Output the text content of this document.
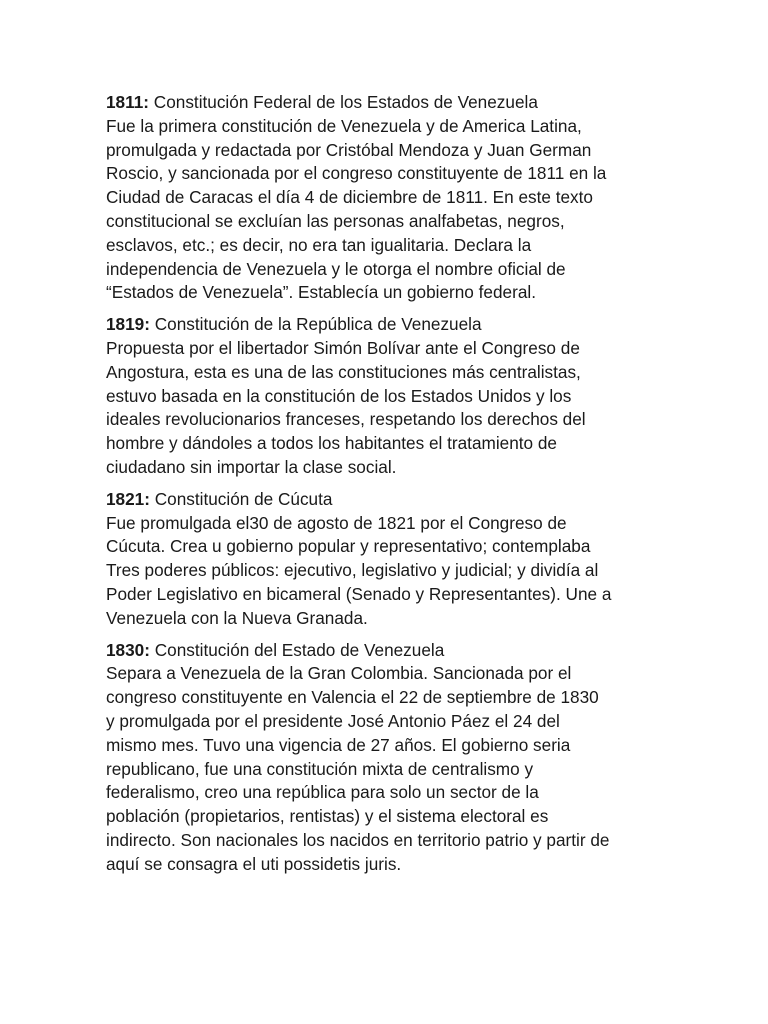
1811: Constitución Federal de los Estados de Venezuela
Fue la primera constitución de Venezuela y de America Latina,
promulgada y redactada por Cristóbal Mendoza y Juan German
Roscio, y sancionada por el congreso constituyente de 1811 en la
Ciudad de Caracas el día 4 de diciembre de 1811. En este texto
constitucional se excluían las personas analfabetas, negros,
esclavos, etc.; es decir, no era tan igualitaria. Declara la
independencia de Venezuela y le otorga el nombre oficial de
“Estados de Venezuela”. Establecía un gobierno federal.
1819: Constitución de la República de Venezuela
Propuesta por el libertador Simón Bolívar ante el Congreso de
Angostura, esta es una de las constituciones más centralistas,
estuvo basada en la constitución de los Estados Unidos y los
ideales revolucionarios franceses, respetando los derechos del
hombre y dándoles a todos los habitantes el tratamiento de
ciudadano sin importar la clase social.
1821: Constitución de Cúcuta
Fue promulgada el30 de agosto de 1821 por el Congreso de
Cúcuta. Crea u gobierno popular y representativo; contemplaba
Tres poderes públicos: ejecutivo, legislativo y judicial; y dividía al
Poder Legislativo en bicameral (Senado y Representantes). Une a
Venezuela con la Nueva Granada.
1830: Constitución del Estado de Venezuela
Separa a Venezuela de la Gran Colombia. Sancionada por el
congreso constituyente en Valencia el 22 de septiembre de 1830
y promulgada por el presidente José Antonio Páez el 24 del
mismo mes. Tuvo una vigencia de 27 años. El gobierno seria
republicano, fue una constitución mixta de centralismo y
federalismo, creo una república para solo un sector de la
población (propietarios, rentistas) y el sistema electoral es
indirecto. Son nacionales los nacidos en territorio patrio y partir de
aquí se consagra el uti possidetis juris.
